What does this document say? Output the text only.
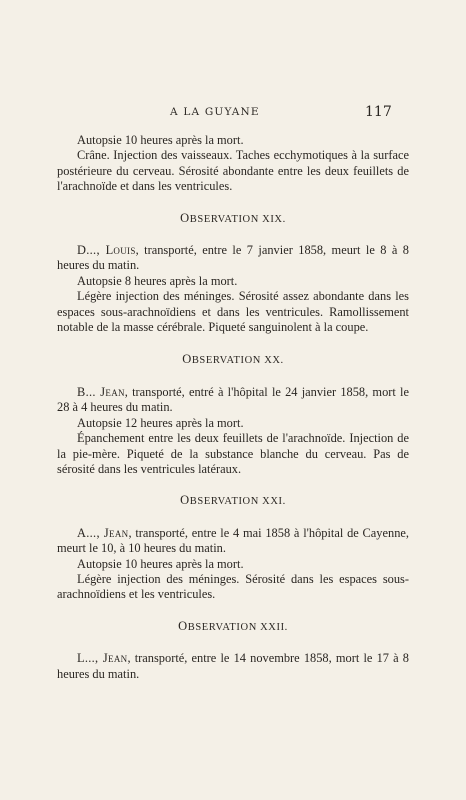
A LA GUYANE	117

Autopsie 10 heures après la mort.

Crâne. Injection des vaisseaux. Taches ecchymotiques à la surface postérieure du cerveau. Sérosité abondante entre les deux feuillets de l'arachnoïde et dans les ventricules.

OBSERVATION XIX.

D..., Louis, transporté, entre le 7 janvier 1858, meurt le 8 à 8 heures du matin.

Autopsie 8 heures après la mort.

Légère injection des méninges. Sérosité assez abondante dans les espaces sous-arachnoïdiens et dans les ventricules. Ramollissement notable de la masse cérébrale. Piqueté sanguinolent à la coupe.

OBSERVATION XX.

B... Jean, transporté, entré à l'hôpital le 24 janvier 1858, mort le 28 à 4 heures du matin.

Autopsie 12 heures après la mort.

Épanchement entre les deux feuillets de l'arachnoïde. Injection de la pie-mère. Piqueté de la substance blanche du cerveau. Pas de sérosité dans les ventricules latéraux.

OBSERVATION XXI.

A..., Jean, transporté, entre le 4 mai 1858 à l'hôpital de Cayenne, meurt le 10, à 10 heures du matin.

Autopsie 10 heures après la mort.

Légère injection des méninges. Sérosité dans les espaces sous-arachnoïdiens et les ventricules.

OBSERVATION XXII.

L..., Jean, transporté, entre le 14 novembre 1858, mort le 17 à 8 heures du matin.
